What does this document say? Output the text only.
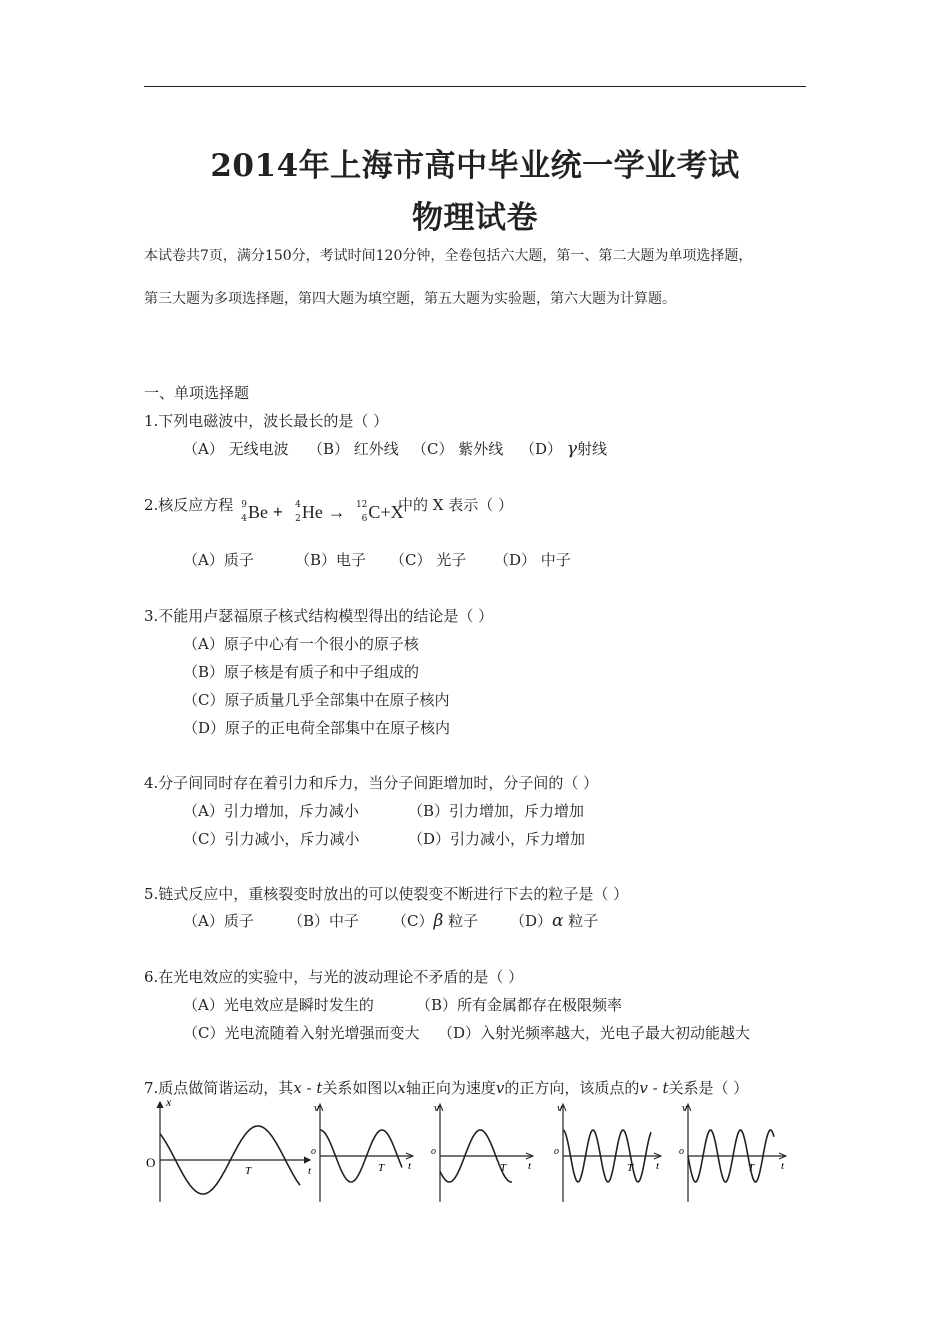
2014年上海市高中毕业统一学业考试
物理试卷
本试卷共7页，满分150分，考试时间120分钟，全卷包括六大题，第一、第二大题为单项选择题，
第三大题为多项选择题，第四大题为填空题，第五大题为实验题，第六大题为计算题。
一、单项选择题
1.下列电磁波中，波长最长的是（ ）
（A） 无线电波 （B） 红外线 （C） 紫外线 （D） γ射线
2.核反应方程 9
4 Be + 4
2 He → 12
6 C+X
中的 X 表示（ ）
（A）质子	（B）电子 （C） 光子 （D） 中子
3.不能用卢瑟福原子核式结构模型得出的结论是（ ）
（A）原子中心有一个很小的原子核
（B）原子核是有质子和中子组成的
（C）原子质量几乎全部集中在原子核内
（D）原子的正电荷全部集中在原子核内
4.分子间同时存在着引力和斥力，当分子间距增加时，分子间的（ ）
（A）引力增加，斥力减小	（B）引力增加，斥力增加
（C）引力减小，斥力减小	（D）引力减小，斥力增加
5.链式反应中，重核裂变时放出的可以使裂变不断进行下去的粒子是（ ）
（A）质子 （B）中子 （C）β 粒子 （D）α 粒子
6.在光电效应的实验中，与光的波动理论不矛盾的是（ ）
（A）光电效应是瞬时发生的	（B）所有金属都存在极限频率
（C）光电流随着入射光增强而变大 （D）入射光频率越大，光电子最大初动能越大
7.质点做简谐运动，其x - t关系如图以x轴正向为速度v的正方向，该质点的v - t关系是（ ）
x
O
T	t
v
o
T t
v
o
T t
v
o
T t
v
o
T t
